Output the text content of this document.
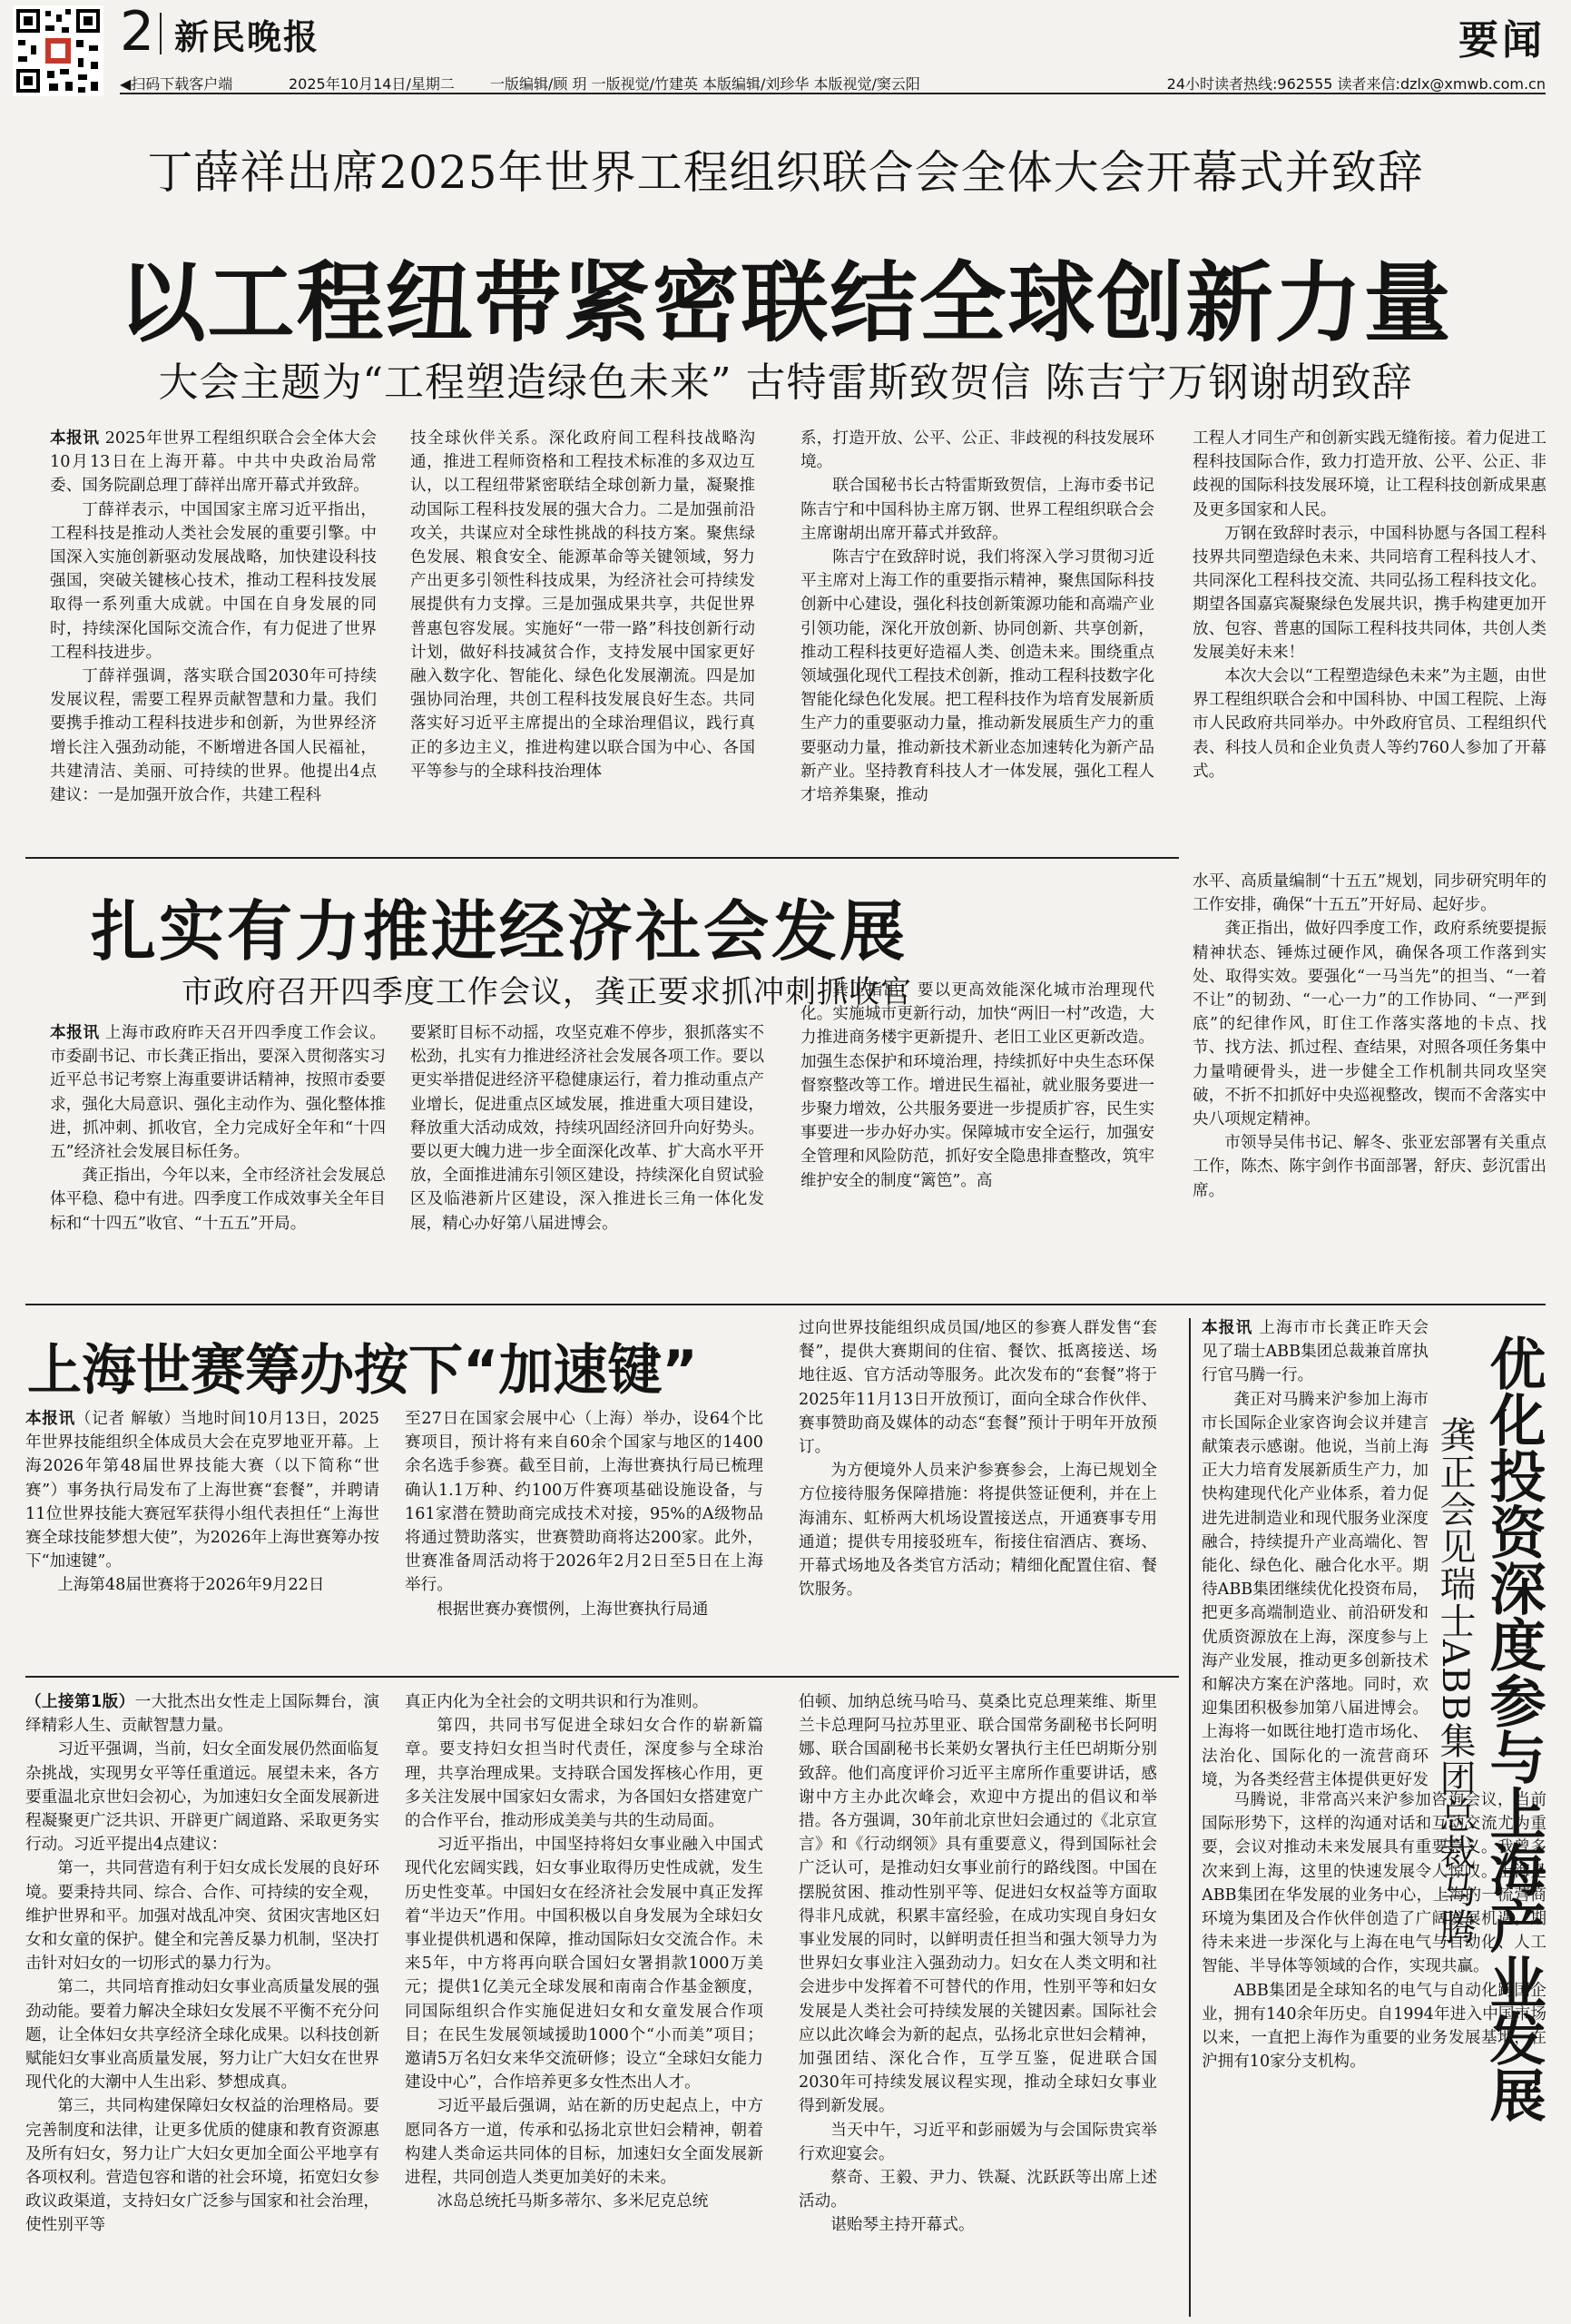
2 新民晚报	要闻
◀扫码下载客户端	2025年10月14日/星期二 一版编辑/顾 玥 一版视觉/竹建英 本版编辑/刘珍华 本版视觉/窦云阳	24小时读者热线:962555 读者来信:dzlx@xmwb.com.cn
丁薛祥出席2025年世界工程组织联合会全体大会开幕式并致辞
以工程纽带紧密联结全球创新力量
大会主题为“工程塑造绿色未来” 古特雷斯致贺信 陈吉宁万钢谢胡致辞

本报讯 2025年世界工程组织联合会全体大会10月13日在上海开幕。中共中央政治局常委、国务院副总理丁薛祥出席开幕式并致辞。

丁薛祥表示，中国国家主席习近平指出，工程科技是推动人类社会发展的重要引擎。中国深入实施创新驱动发展战略，加快建设科技强国，突破关键核心技术，推动工程科技发展取得一系列重大成就。中国在自身发展的同时，持续深化国际交流合作，有力促进了世界工程科技进步。

丁薛祥强调，落实联合国2030年可持续发展议程，需要工程界贡献智慧和力量。我们要携手推动工程科技进步和创新，为世界经济增长注入强劲动能，不断增进各国人民福祉，共建清洁、美丽、可持续的世界。他提出4点建议：一是加强开放合作，共建工程科

技全球伙伴关系。深化政府间工程科技战略沟通，推进工程师资格和工程技术标准的多双边互认，以工程纽带紧密联结全球创新力量，凝聚推动国际工程科技发展的强大合力。二是加强前沿攻关，共谋应对全球性挑战的科技方案。聚焦绿色发展、粮食安全、能源革命等关键领域，努力产出更多引领性科技成果，为经济社会可持续发展提供有力支撑。三是加强成果共享，共促世界普惠包容发展。实施好“一带一路”科技创新行动计划，做好科技减贫合作，支持发展中国家更好融入数字化、智能化、绿色化发展潮流。四是加强协同治理，共创工程科技发展良好生态。共同落实好习近平主席提出的全球治理倡议，践行真正的多边主义，推进构建以联合国为中心、各国平等参与的全球科技治理体

系，打造开放、公平、公正、非歧视的科技发展环境。

联合国秘书长古特雷斯致贺信，上海市委书记陈吉宁和中国科协主席万钢、世界工程组织联合会主席谢胡出席开幕式并致辞。

陈吉宁在致辞时说，我们将深入学习贯彻习近平主席对上海工作的重要指示精神，聚焦国际科技创新中心建设，强化科技创新策源功能和高端产业引领功能，深化开放创新、协同创新、共享创新，推动工程科技更好造福人类、创造未来。围绕重点领域强化现代工程技术创新，推动工程科技数字化智能化绿色化发展。把工程科技作为培育发展新质生产力的重要驱动力量，推动新发展质生产力的重要驱动力量，推动新技术新业态加速转化为新产品新产业。坚持教育科技人才一体发展，强化工程人才培养集聚，推动

工程人才同生产和创新实践无缝衔接。着力促进工程科技国际合作，致力打造开放、公平、公正、非歧视的国际科技发展环境，让工程科技创新成果惠及更多国家和人民。

万钢在致辞时表示，中国科协愿与各国工程科技界共同塑造绿色未来、共同培育工程科技人才、共同深化工程科技交流、共同弘扬工程科技文化。期望各国嘉宾凝聚绿色发展共识，携手构建更加开放、包容、普惠的国际工程科技共同体，共创人类发展美好未来！

本次大会以“工程塑造绿色未来”为主题，由世界工程组织联合会和中国科协、中国工程院、上海市人民政府共同举办。中外政府官员、工程组织代表、科技人员和企业负责人等约760人参加了开幕式。

扎实有力推进经济社会发展
市政府召开四季度工作会议，龚正要求抓冲刺抓收官

本报讯 上海市政府昨天召开四季度工作会议。市委副书记、市长龚正指出，要深入贯彻落实习近平总书记考察上海重要讲话精神，按照市委要求，强化大局意识、强化主动作为、强化整体推进，抓冲刺、抓收官，全力完成好全年和“十四五”经济社会发展目标任务。

龚正指出，今年以来，全市经济社会发展总体平稳、稳中有进。四季度工作成效事关全年目标和“十四五”收官、“十五五”开局。

要紧盯目标不动摇，攻坚克难不停步，狠抓落实不松劲，扎实有力推进经济社会发展各项工作。要以更实举措促进经济平稳健康运行，着力推动重点产业增长，促进重点区域发展，推进重大项目建设，释放重大活动成效，持续巩固经济回升向好势头。要以更大魄力进一步全面深化改革、扩大高水平开放，全面推进浦东引领区建设，持续深化自贸试验区及临港新片区建设，深入推进长三角一体化发展，精心办好第八届进博会。

龚正指出，要以更高效能深化城市治理现代化。实施城市更新行动，加快“两旧一村”改造，大力推进商务楼宇更新提升、老旧工业区更新改造。加强生态保护和环境治理，持续抓好中央生态环保督察整改等工作。增进民生福祉，就业服务要进一步聚力增效，公共服务要进一步提质扩容，民生实事要进一步办好办实。保障城市安全运行，加强安全管理和风险防范，抓好安全隐患排查整改，筑牢维护安全的制度“篱笆”。高

水平、高质量编制“十五五”规划，同步研究明年的工作安排，确保“十五五”开好局、起好步。

龚正指出，做好四季度工作，政府系统要提振精神状态、锤炼过硬作风，确保各项工作落到实处、取得实效。要强化“一马当先”的担当、“一着不让”的韧劲、“一心一力”的工作协同、“一严到底”的纪律作风，盯住工作落实落地的卡点、找节、找方法、抓过程、查结果，对照各项任务集中力量啃硬骨头，进一步健全工作机制共同攻坚突破，不折不扣抓好中央巡视整改，锲而不舍落实中央八项规定精神。

市领导吴伟书记、解冬、张亚宏部署有关重点工作，陈杰、陈宇剑作书面部署，舒庆、彭沉雷出席。

上海世赛筹办按下“加速键”

本报讯（记者 解敏）当地时间10月13日，2025年世界技能组织全体成员大会在克罗地亚开幕。上海2026年第48届世界技能大赛（以下简称“世赛”）事务执行局发布了上海世赛“套餐”，并聘请11位世界技能大赛冠军获得小组代表担任“上海世赛全球技能梦想大使”，为2026年上海世赛筹办按下“加速键”。

上海第48届世赛将于2026年9月22日

至27日在国家会展中心（上海）举办，设64个比赛项目，预计将有来自60余个国家与地区的1400余名选手参赛。截至目前，上海世赛执行局已梳理确认1.1万种、约100万件赛项基础设施设备，与161家潜在赞助商完成技术对接，95%的A级物品将通过赞助落实，世赛赞助商将达200家。此外，世赛准备周活动将于2026年2月2日至5日在上海举行。

根据世赛办赛惯例，上海世赛执行局通

过向世界技能组织成员国/地区的参赛人群发售“套餐”，提供大赛期间的住宿、餐饮、抵离接送、场地往返、官方活动等服务。此次发布的“套餐”将于2025年11月13日开放预订，面向全球合作伙伴、赛事赞助商及媒体的动态“套餐”预计于明年开放预订。

为方便境外人员来沪参赛参会，上海已规划全方位接待服务保障措施：将提供签证便利，并在上海浦东、虹桥两大机场设置接送点，开通赛事专用通道；提供专用接驳班车，衔接住宿酒店、赛场、开幕式场地及各类官方活动；精细化配置住宿、餐饮服务。	优化投资深度参与上海产业发展
龚正会见瑞士ABB集团总裁马腾

本报讯 上海市市长龚正昨天会见了瑞士ABB集团总裁兼首席执行官马腾一行。

龚正对马腾来沪参加上海市市长国际企业家咨询会议并建言献策表示感谢。他说，当前上海正大力培育发展新质生产力，加快构建现代化产业体系，着力促进先进制造业和现代服务业深度融合，持续提升产业高端化、智能化、绿色化、融合化水平。期待ABB集团继续优化投资布局，把更多高端制造业、前沿研发和优质资源放在上海，深度参与上海产业发展，推动更多创新技术和解决方案在沪落地。同时，欢迎集团积极参加第八届进博会。上海将一如既往地打造市场化、法治化、国际化的一流营商环境，为各类经营主体提供更好发

马腾说，非常高兴来沪参加咨询会议，当前国际形势下，这样的沟通对话和互动交流尤为重要，会议对推动未来发展具有重要意义。我曾多次来到上海，这里的快速发展令人惊叹。上海是ABB集团在华发展的业务中心，上海的一流营商环境为集团及合作伙伴创造了广阔发展机遇。期待未来进一步深化与上海在电气与自动化、人工智能、半导体等领域的合作，实现共赢。

ABB集团是全球知名的电气与自动化跨国企业，拥有140余年历史。自1994年进入中国市场以来，一直把上海作为重要的业务发展基地，在沪拥有10家分支机构。

（上接第1版）一大批杰出女性走上国际舞台，演绎精彩人生、贡献智慧力量。

习近平强调，当前，妇女全面发展仍然面临复杂挑战，实现男女平等任重道远。展望未来，各方要重温北京世妇会初心，为加速妇女全面发展新进程凝聚更广泛共识、开辟更广阔道路、采取更务实行动。习近平提出4点建议：

第一，共同营造有利于妇女成长发展的良好环境。要秉持共同、综合、合作、可持续的安全观，维护世界和平。加强对战乱冲突、贫困灾害地区妇女和女童的保护。健全和完善反暴力机制，坚决打击针对妇女的一切形式的暴力行为。

第二，共同培育推动妇女事业高质量发展的强劲动能。要着力解决全球妇女发展不平衡不充分问题，让全体妇女共享经济全球化成果。以科技创新赋能妇女事业高质量发展，努力让广大妇女在世界现代化的大潮中人生出彩、梦想成真。

第三，共同构建保障妇女权益的治理格局。要完善制度和法律，让更多优质的健康和教育资源惠及所有妇女，努力让广大妇女更加全面公平地享有各项权利。营造包容和谐的社会环境，拓宽妇女参政议政渠道，支持妇女广泛参与国家和社会治理，使性别平等

真正内化为全社会的文明共识和行为准则。

第四，共同书写促进全球妇女合作的崭新篇章。要支持妇女担当时代责任，深度参与全球治理，共享治理成果。支持联合国发挥核心作用，更多关注发展中国家妇女需求，为各国妇女搭建宽广的合作平台，推动形成美美与共的生动局面。

习近平指出，中国坚持将妇女事业融入中国式现代化宏阔实践，妇女事业取得历史性成就，发生历史性变革。中国妇女在经济社会发展中真正发挥着“半边天”作用。中国积极以自身发展为全球妇女事业提供机遇和保障，推动国际妇女交流合作。未来5年，中方将再向联合国妇女署捐款1000万美元；提供1亿美元全球发展和南南合作基金额度，同国际组织合作实施促进妇女和女童发展合作项目；在民生发展领域援助1000个“小而美”项目；邀请5万名妇女来华交流研修；设立“全球妇女能力建设中心”，合作培养更多女性杰出人才。

习近平最后强调，站在新的历史起点上，中方愿同各方一道，传承和弘扬北京世妇会精神，朝着构建人类命运共同体的目标，加速妇女全面发展新进程，共同创造人类更加美好的未来。

冰岛总统托马斯多蒂尔、多米尼克总统

伯顿、加纳总统马哈马、莫桑比克总理莱维、斯里兰卡总理阿马拉苏里亚、联合国常务副秘书长阿明娜、联合国副秘书长莱奶女署执行主任巴胡斯分别致辞。他们高度评价习近平主席所作重要讲话，感谢中方主办此次峰会，欢迎中方提出的倡议和举措。各方强调，30年前北京世妇会通过的《北京宣言》和《行动纲领》具有重要意义，得到国际社会广泛认可，是推动妇女事业前行的路线图。中国在摆脱贫困、推动性别平等、促进妇女权益等方面取得非凡成就，积累丰富经验，在成功实现自身妇女事业发展的同时，以鲜明责任担当和强大领导力为世界妇女事业注入强劲动力。妇女在人类文明和社会进步中发挥着不可替代的作用，性别平等和妇女发展是人类社会可持续发展的关键因素。国际社会应以此次峰会为新的起点，弘扬北京世妇会精神，加强团结、深化合作，互学互鉴，促进联合国2030年可持续发展议程实现，推动全球妇女事业得到新发展。

当天中午，习近平和彭丽媛为与会国际贵宾举行欢迎宴会。

蔡奇、王毅、尹力、铁凝、沈跃跃等出席上述活动。

谌贻琴主持开幕式。
